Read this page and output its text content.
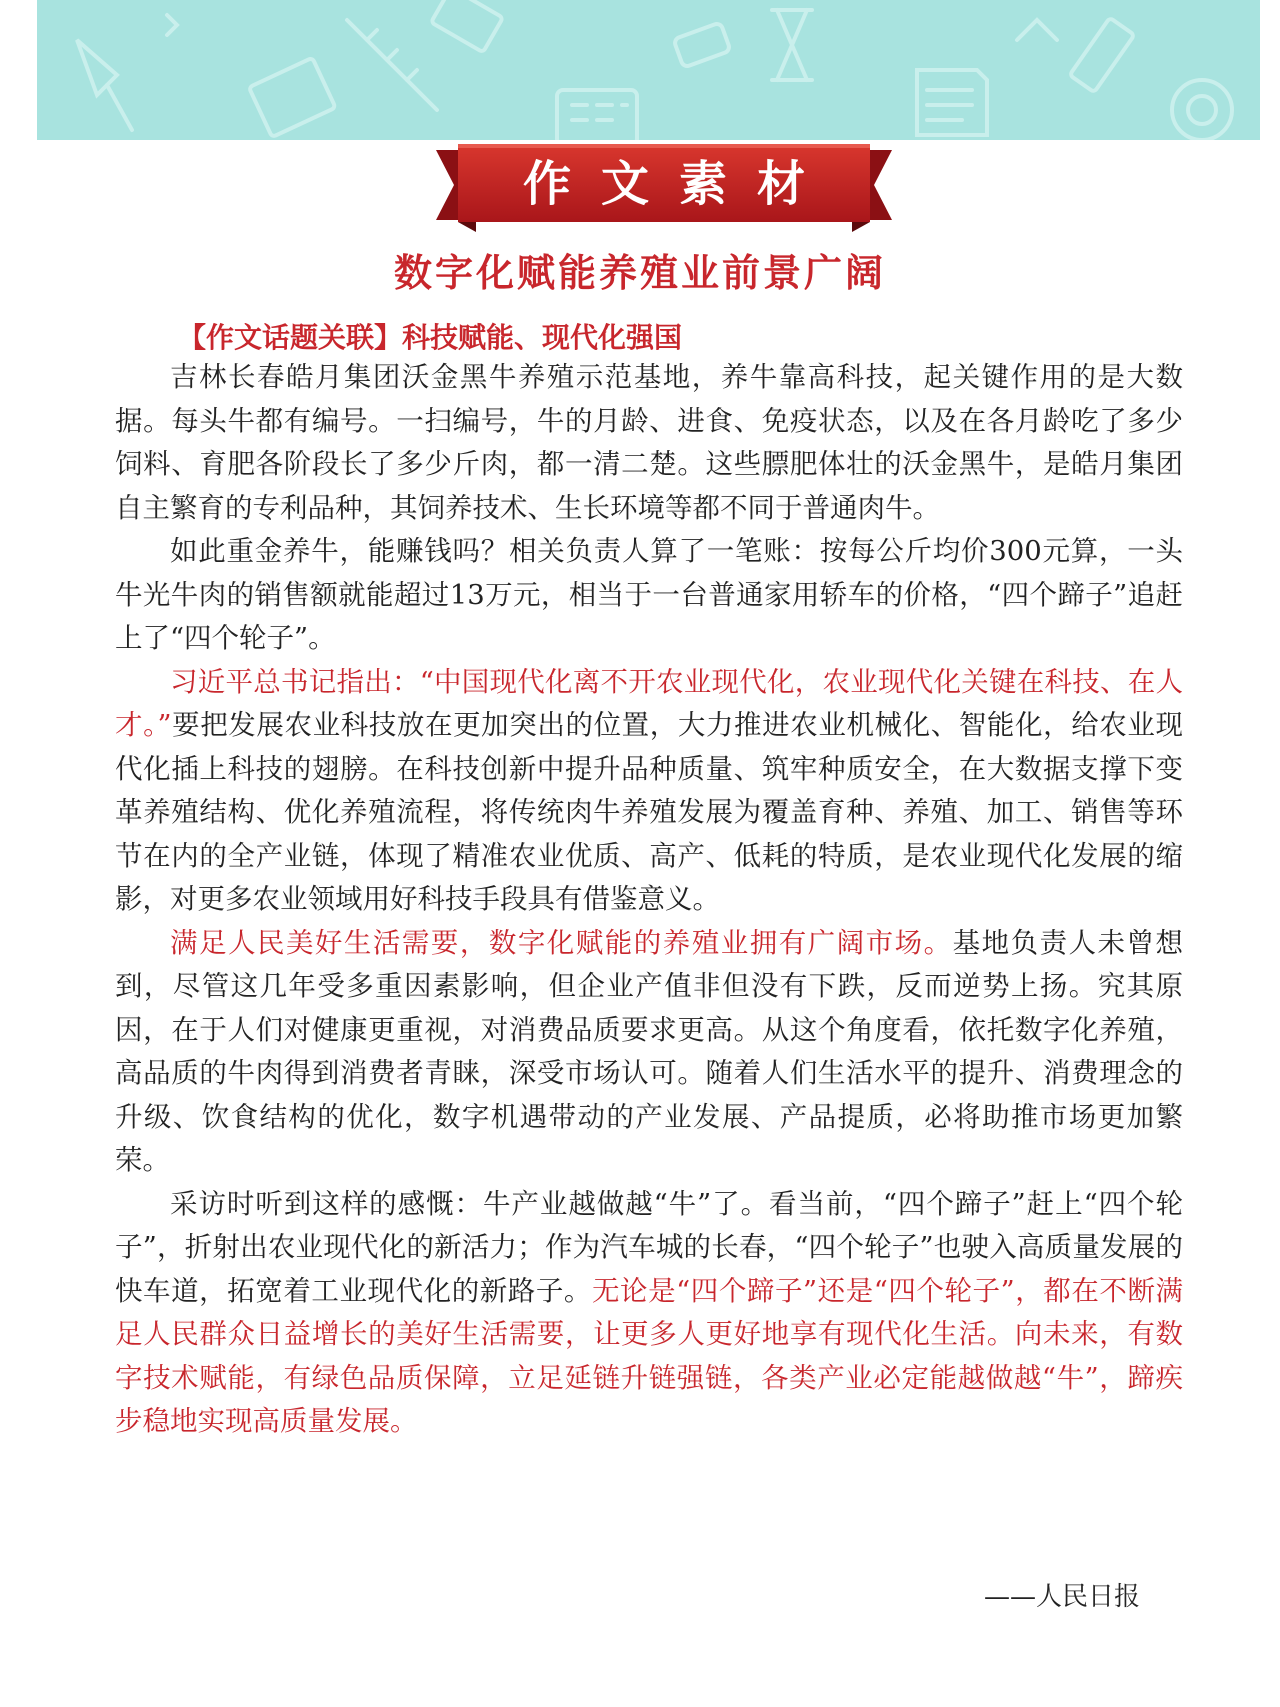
作文素材
数字化赋能养殖业前景广阔
【作文话题关联】科技赋能、现代化强国

吉林长春皓月集团沃金黑牛养殖示范基地，养牛靠高科技，起关键作用的是大数据。每头牛都有编号。一扫编号，牛的月龄、进食、免疫状态，以及在各月龄吃了多少饲料、育肥各阶段长了多少斤肉，都一清二楚。这些膘肥体壮的沃金黑牛，是皓月集团自主繁育的专利品种，其饲养技术、生长环境等都不同于普通肉牛。

如此重金养牛，能赚钱吗？相关负责人算了一笔账：按每公斤均价300元算，一头牛光牛肉的销售额就能超过13万元，相当于一台普通家用轿车的价格，“四个蹄子”追赶上了“四个轮子”。

习近平总书记指出：“中国现代化离不开农业现代化，农业现代化关键在科技、在人才。”要把发展农业科技放在更加突出的位置，大力推进农业机械化、智能化，给农业现代化插上科技的翅膀。在科技创新中提升品种质量、筑牢种质安全，在大数据支撑下变革养殖结构、优化养殖流程，将传统肉牛养殖发展为覆盖育种、养殖、加工、销售等环节在内的全产业链，体现了精准农业优质、高产、低耗的特质，是农业现代化发展的缩影，对更多农业领域用好科技手段具有借鉴意义。

满足人民美好生活需要，数字化赋能的养殖业拥有广阔市场。基地负责人未曾想到，尽管这几年受多重因素影响，但企业产值非但没有下跌，反而逆势上扬。究其原因，在于人们对健康更重视，对消费品质要求更高。从这个角度看，依托数字化养殖，高品质的牛肉得到消费者青睐，深受市场认可。随着人们生活水平的提升、消费理念的升级、饮食结构的优化，数字机遇带动的产业发展、产品提质，必将助推市场更加繁荣。

采访时听到这样的感慨：牛产业越做越“牛”了。看当前，“四个蹄子”赶上“四个轮子”，折射出农业现代化的新活力；作为汽车城的长春，“四个轮子”也驶入高质量发展的快车道，拓宽着工业现代化的新路子。无论是“四个蹄子”还是“四个轮子”，都在不断满足人民群众日益增长的美好生活需要，让更多人更好地享有现代化生活。向未来，有数字技术赋能，有绿色品质保障，立足延链升链强链，各类产业必定能越做越“牛”，蹄疾步稳地实现高质量发展。

——人民日报
